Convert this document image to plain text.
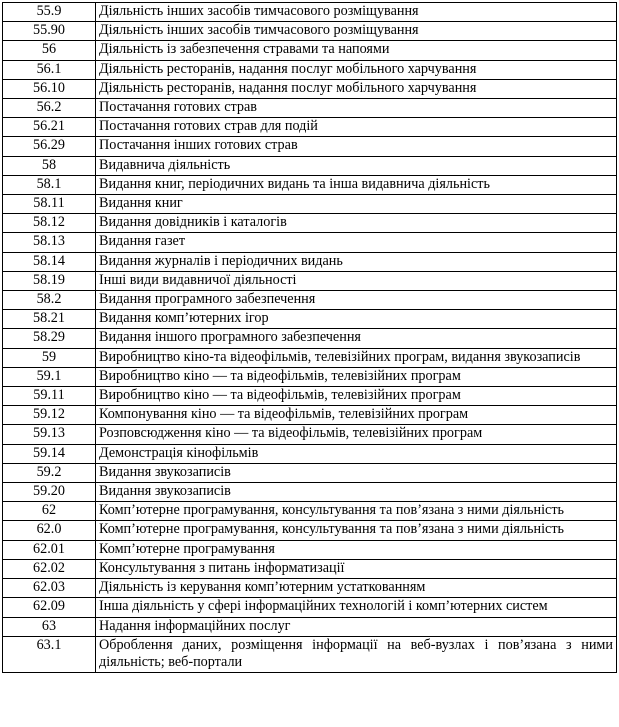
55.9	Діяльність інших засобів тимчасового розміщування
55.90	Діяльність інших засобів тимчасового розміщування
56	Діяльність із забезпечення стравами та напоями
56.1	Діяльність ресторанів, надання послуг мобільного харчування
56.10	Діяльність ресторанів, надання послуг мобільного харчування
56.2	Постачання готових страв
56.21	Постачання готових страв для подій
56.29	Постачання інших готових страв
58	Видавнича діяльність
58.1	Видання книг, періодичних видань та інша видавнича діяльність
58.11	Видання книг
58.12	Видання довідників і каталогів
58.13	Видання газет
58.14	Видання журналів і періодичних видань
58.19	Інші види видавничої діяльності
58.2	Видання програмного забезпечення
58.21	Видання комп’ютерних ігор
58.29	Видання іншого програмного забезпечення
59	Виробництво кіно-та відеофільмів, телевізійних програм, видання звукозаписів
59.1	Виробництво кіно — та відеофільмів, телевізійних програм
59.11	Виробництво кіно — та відеофільмів, телевізійних програм
59.12	Компонування кіно — та відеофільмів, телевізійних програм
59.13	Розповсюдження кіно — та відеофільмів, телевізійних програм
59.14	Демонстрація кінофільмів
59.2	Видання звукозаписів
59.20	Видання звукозаписів
62	Комп’ютерне програмування, консультування та пов’язана з ними діяльність
62.0	Комп’ютерне програмування, консультування та пов’язана з ними діяльність
62.01	Комп’ютерне програмування
62.02	Консультування з питань інформатизації
62.03	Діяльність із керування комп’ютерним устаткованням
62.09	Інша діяльність у сфері інформаційних технологій і комп’ютерних систем
63	Надання інформаційних послуг
63.1	Оброблення даних, розміщення інформації на веб-вузлах і пов’язана з ними діяльність; веб-портали
